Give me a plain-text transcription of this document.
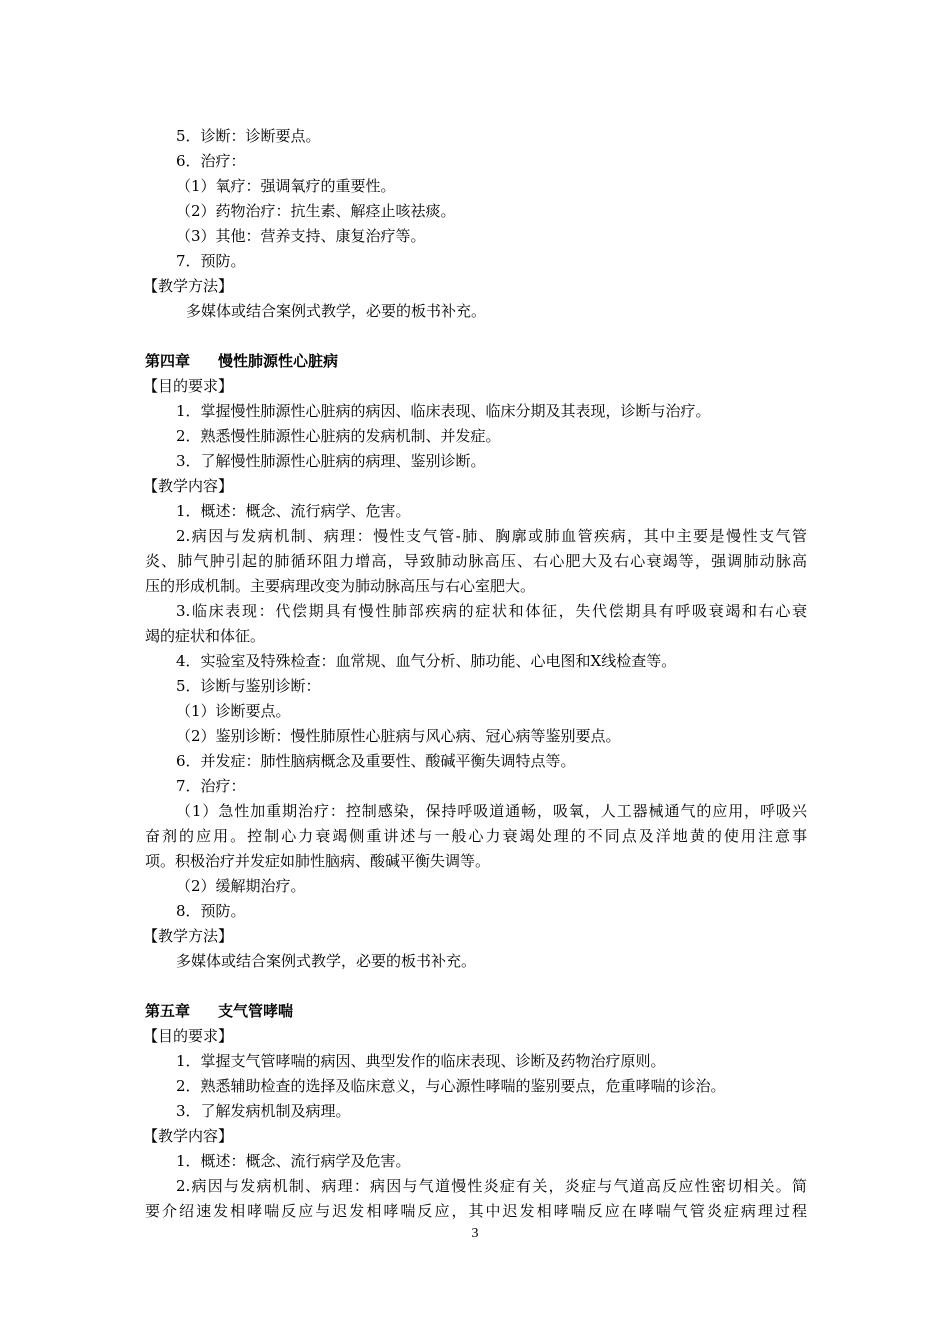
5．诊断：诊断要点。
6．治疗：
（1）氧疗：强调氧疗的重要性。
（2）药物治疗：抗生素、解痉止咳祛痰。
（3）其他：营养支持、康复治疗等。
7．预防。
【教学方法】
多媒体或结合案例式教学，必要的板书补充。
第四章 慢性肺源性心脏病
【目的要求】
1．掌握慢性肺源性心脏病的病因、临床表现、临床分期及其表现，诊断与治疗。
2．熟悉慢性肺源性心脏病的发病机制、并发症。
3．了解慢性肺源性心脏病的病理、鉴别诊断。
【教学内容】
1．概述：概念、流行病学、危害。
2.病因与发病机制、病理：慢性支气管-肺、胸廓或肺血管疾病，其中主要是慢性支气管
炎、肺气肿引起的肺循环阻力增高，导致肺动脉高压、右心肥大及右心衰竭等，强调肺动脉高
压的形成机制。主要病理改变为肺动脉高压与右心室肥大。
3.临床表现：代偿期具有慢性肺部疾病的症状和体征，失代偿期具有呼吸衰竭和右心衰
竭的症状和体征。
4．实验室及特殊检查：血常规、血气分析、肺功能、心电图和Ⅹ线检查等。
5．诊断与鉴别诊断：
（1）诊断要点。
（2）鉴别诊断：慢性肺原性心脏病与风心病、冠心病等鉴别要点。
6．并发症：肺性脑病概念及重要性、酸碱平衡失调特点等。
7．治疗：
（1）急性加重期治疗：控制感染，保持呼吸道通畅，吸氧，人工器械通气的应用，呼吸兴
奋剂的应用。控制心力衰竭侧重讲述与一般心力衰竭处理的不同点及洋地黄的使用注意事
项。积极治疗并发症如肺性脑病、酸碱平衡失调等。
（2）缓解期治疗。
8．预防。
【教学方法】
多媒体或结合案例式教学，必要的板书补充。
第五章 支气管哮喘
【目的要求】
1．掌握支气管哮喘的病因、典型发作的临床表现、诊断及药物治疗原则。
2．熟悉辅助检查的选择及临床意义，与心源性哮喘的鉴别要点，危重哮喘的诊治。
3．了解发病机制及病理。
【教学内容】
1．概述：概念、流行病学及危害。
2.病因与发病机制、病理：病因与气道慢性炎症有关，炎症与气道高反应性密切相关。简
要介绍速发相哮喘反应与迟发相哮喘反应，其中迟发相哮喘反应在哮喘气管炎症病理过程
3
